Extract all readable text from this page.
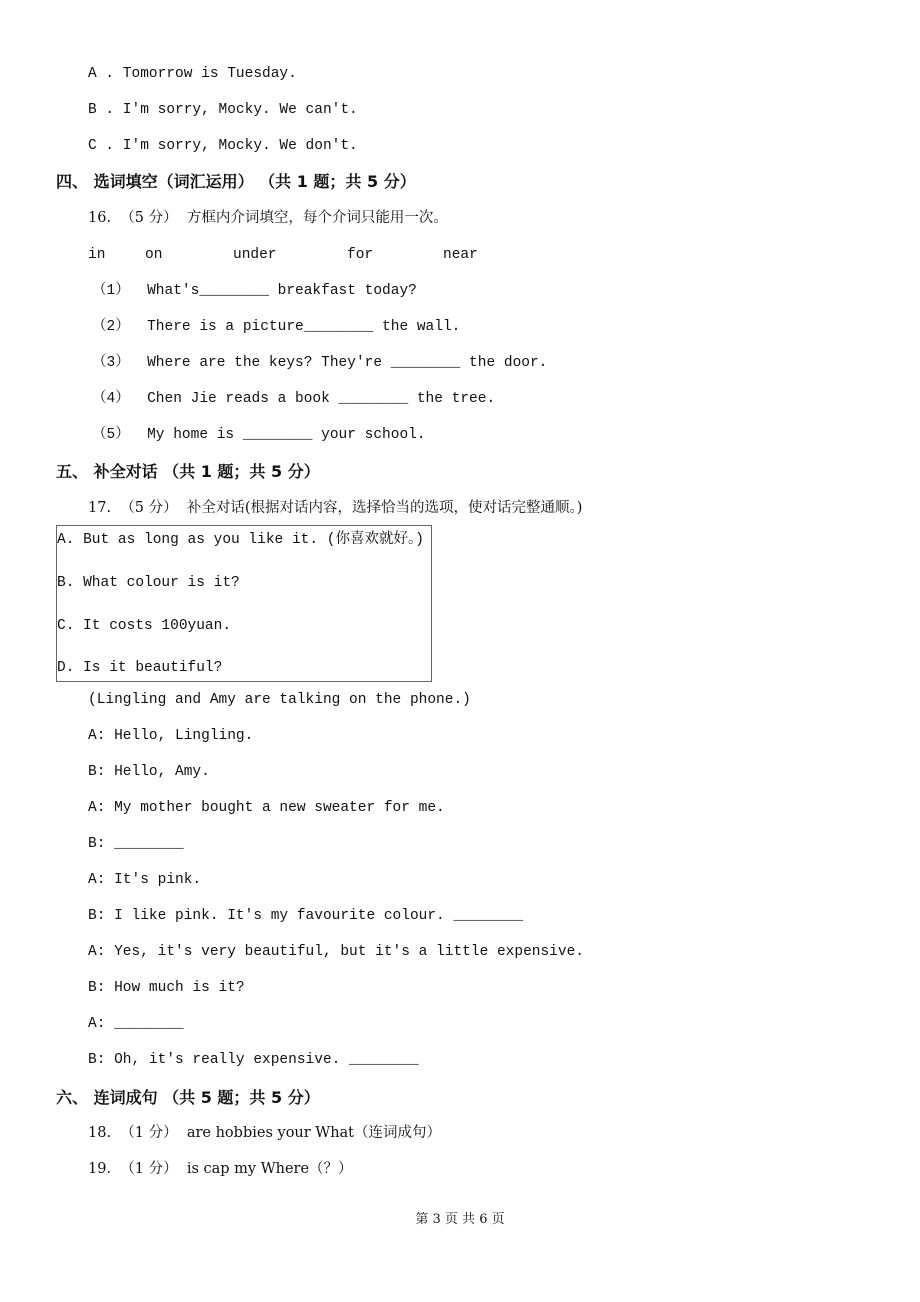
A . Tomorrow is Tuesday.
B . I'm sorry, Mocky. We can't.
C . I'm sorry, Mocky. We don't.
四、 选词填空（词汇运用） （共 1 题；共 5 分）
16.  （5 分）  方框内介词填空，每个介词只能用一次。
in	on	under	for	near
（1）  What's________ breakfast today?
（2）  There is a picture________ the wall.
（3）  Where are the keys? They're ________ the door.
（4）  Chen Jie reads a book ________ the tree.
（5）  My home is ________ your school.
五、 补全对话 （共 1 题；共 5 分）
17.  （5 分）  补全对话(根据对话内容，选择恰当的选项，使对话完整通顺。)
A. But as long as you like it. (你喜欢就好。)
B. What colour is it?
C. It costs 100yuan.
D. Is it beautiful?
(Lingling and Amy are talking on the phone.)
A: Hello, Lingling.
B: Hello, Amy.
A: My mother bought a new sweater for me.
B: ________
A: It's pink.
B: I like pink. It's my favourite colour. ________
A: Yes, it's very beautiful, but it's a little expensive.
B: How much is it?
A: ________
B: Oh, it's really expensive. ________
六、 连词成句 （共 5 题；共 5 分）
18.  （1 分）  are hobbies your What（连词成句）
19.  （1 分）  is cap my Where（？）
第 3 页 共 6 页
